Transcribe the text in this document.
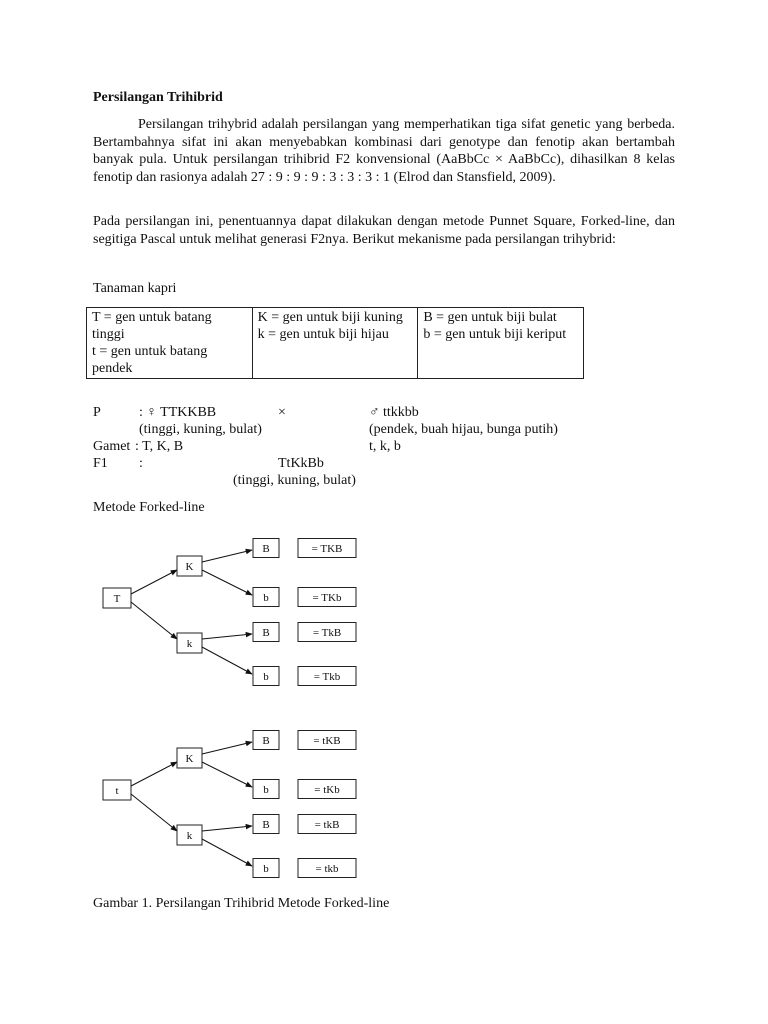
Persilangan Trihibrid

Persilangan trihybrid adalah persilangan yang memperhatikan tiga sifat genetic yang berbeda. Bertambahnya sifat ini akan menyebabkan kombinasi dari genotype dan fenotip akan bertambah banyak pula. Untuk persilangan trihibrid F2 konvensional (AaBbCc × AaBbCc), dihasilkan 8 kelas fenotip dan rasionya adalah 27 : 9 : 9 : 9 : 3 : 3 : 3 : 1 (Elrod dan Stansfield, 2009).

Pada persilangan ini, penentuannya dapat dilakukan dengan metode Punnet Square, Forked-line, dan segitiga Pascal untuk melihat generasi F2nya. Berikut mekanisme pada persilangan trihybrid:

Tanaman kapri
T = gen untuk batang tinggi
t = gen untuk batang pendek

K = gen untuk biji kuning
k = gen untuk biji hijau

B = gen untuk biji bulat
b = gen untuk biji keriput
P	: ♀ TTKKBB	×	♂ ttkkbb
(tinggi, kuning, bulat)	(pendek, buah hijau, bunga putih)
Gamet : T, K, B	t, k, b
F1 :	TtKkBb
(tinggi, kuning, bulat)
Metode Forked-line
T
K
B	= TKB
b	= TKb
k
B	= TkB
b	= Tkb
t
K
B	= tKB
b	= tKb
k
B	= tkB
b	= tkb
Gambar 1. Persilangan Trihibrid Metode Forked-line
